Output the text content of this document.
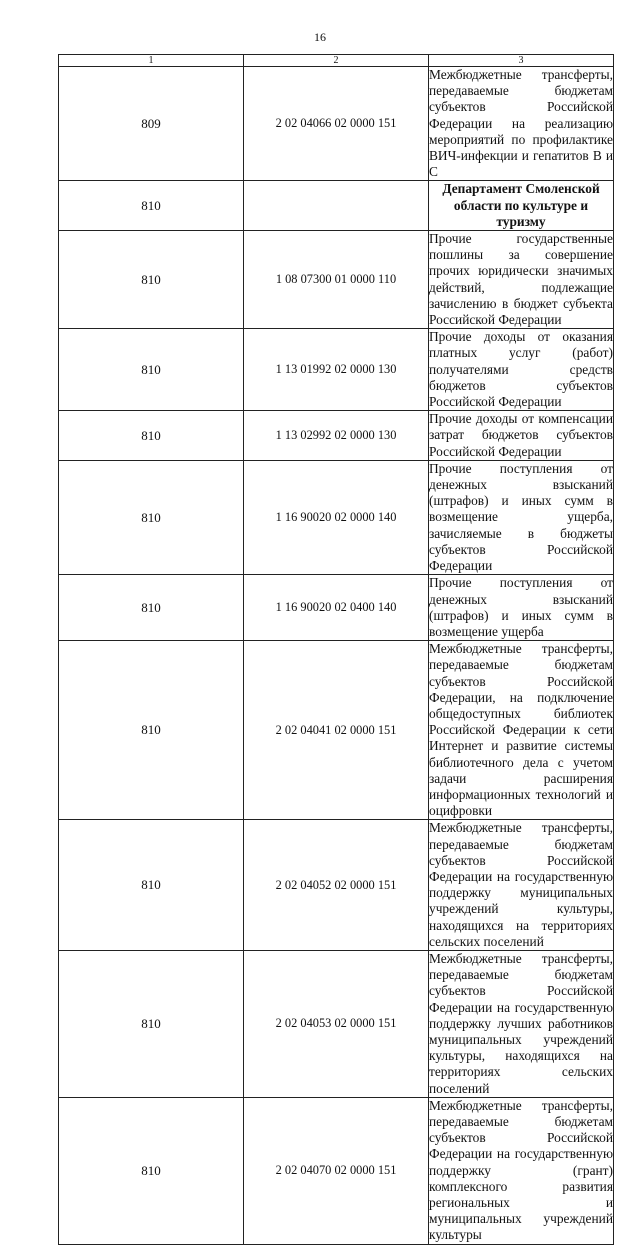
16
1	2	3
809	2 02 04066 02 0000 151	Межбюджетные трансферты, передаваемые бюджетам субъектов Российской Федерации на реализацию мероприятий по профилактике ВИЧ-инфекции и гепатитов В и С
810		Департамент Смоленской области по культуре и туризму
810	1 08 07300 01 0000 110	Прочие государственные пошлины за совершение прочих юридически значимых действий, подлежащие зачислению в бюджет субъекта Российской Федерации
810	1 13 01992 02 0000 130	Прочие доходы от оказания платных услуг (работ) получателями средств бюджетов субъектов Российской Федерации
810	1 13 02992 02 0000 130	Прочие доходы от компенсации затрат бюджетов субъектов Российской Федерации
810	1 16 90020 02 0000 140	Прочие поступления от денежных взысканий (штрафов) и иных сумм в возмещение ущерба, зачисляемые в бюджеты субъектов Российской Федерации
810	1 16 90020 02 0400 140	Прочие поступления от денежных взысканий (штрафов) и иных сумм в возмещение ущерба
810	2 02 04041 02 0000 151	Межбюджетные трансферты, передаваемые бюджетам субъектов Российской Федерации, на подключение общедоступных библиотек Российской Федерации к сети Интернет и развитие системы библиотечного дела с учетом задачи расширения информационных технологий и оцифровки
810	2 02 04052 02 0000 151	Межбюджетные трансферты, передаваемые бюджетам субъектов Российской Федерации на государственную поддержку муниципальных учреждений культуры, находящихся на территориях сельских поселений
810	2 02 04053 02 0000 151	Межбюджетные трансферты, передаваемые бюджетам субъектов Российской Федерации на государственную поддержку лучших работников муниципальных учреждений культуры, находящихся на территориях сельских поселений
810	2 02 04070 02 0000 151	Межбюджетные трансферты, передаваемые бюджетам субъектов Российской Федерации на государственную поддержку (грант) комплексного развития региональных и муниципальных учреждений культуры
